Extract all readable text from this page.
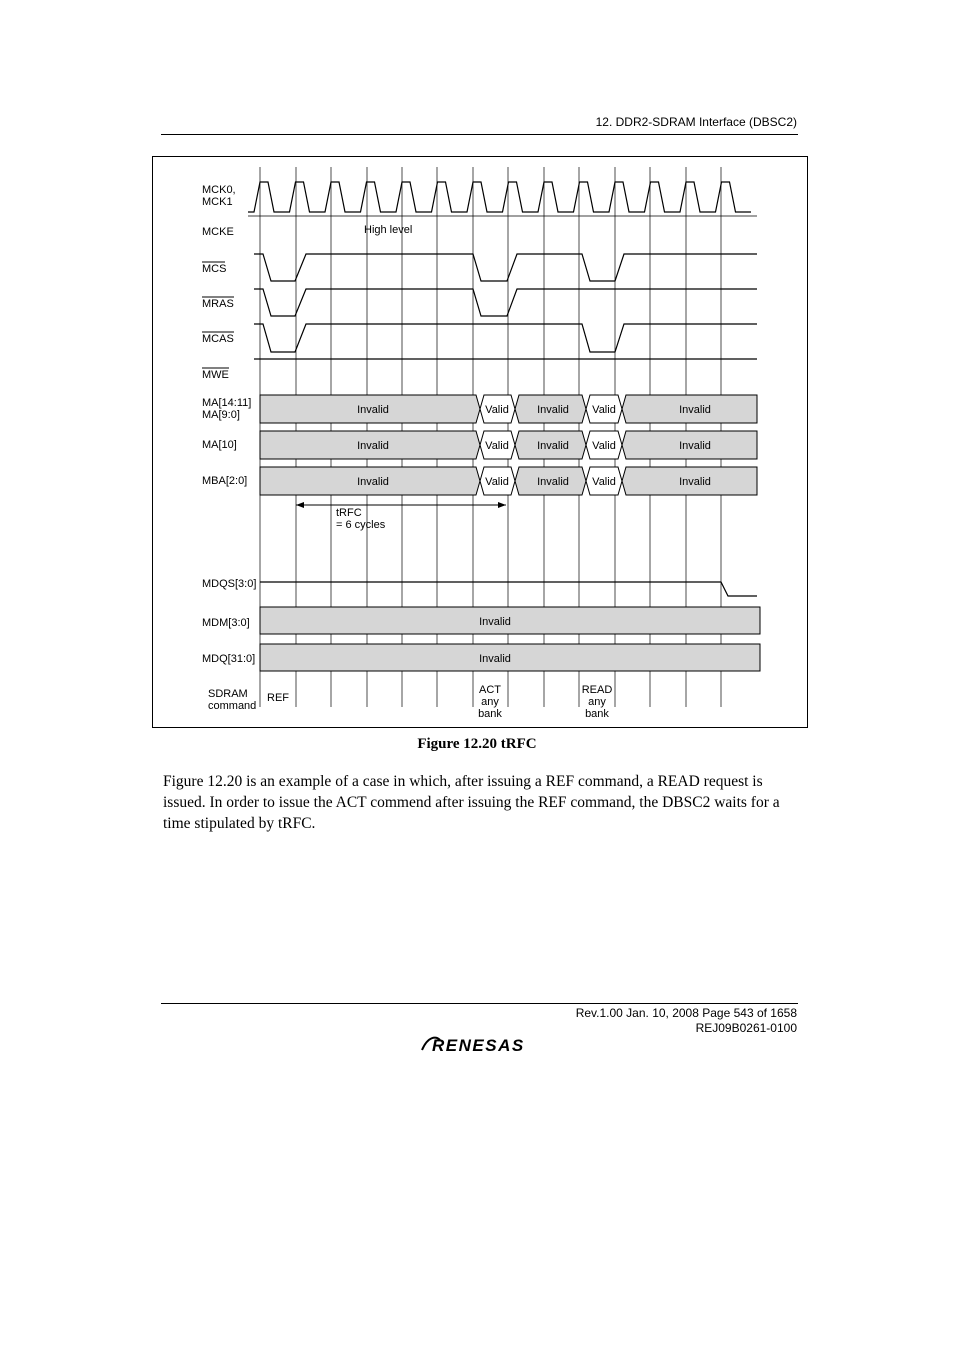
12. DDR2-SDRAM Interface (DBSC2)
MCK0,
MCK1
MCKE
MCS
MRAS
MCAS
MWE
MA[14:11]
MA[9:0]
MA[10]
MBA[2:0]
MDQS[3:0]
MDM[3:0]
MDQ[31:0]
SDRAM
command
High level
Invalid	Valid	Invalid Valid	Invalid
Invalid	Valid	Invalid Valid	Invalid
Invalid	Valid	Invalid Valid	Invalid
tRFC
= 6 cycles
Invalid
Invalid
REF
ACT
any
bank
READ
any
bank
Figure 12.20 tRFC

Figure 12.20 is an example of a case in which, after issuing a REF command, a READ request is issued. In order to issue the ACT commend after issuing the REF command, the DBSC2 waits for a time stipulated by tRFC.

Rev.1.00 Jan. 10, 2008 Page 543 of 1658
REJ09B0261-0100
RENESAS
